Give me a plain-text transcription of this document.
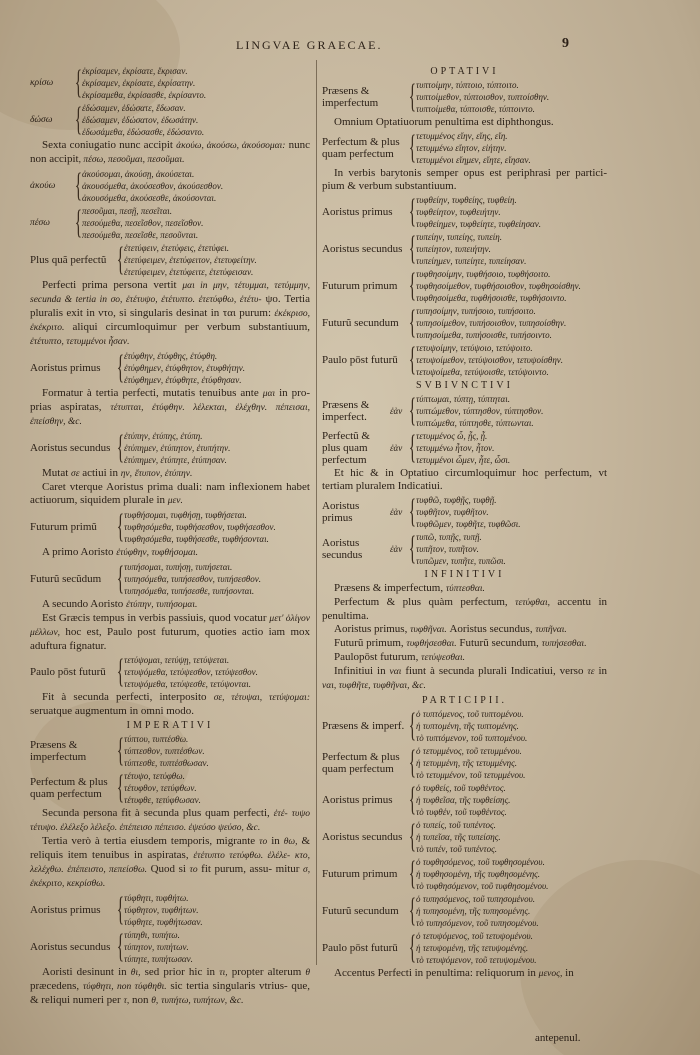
LINGVAE GRAECAE.	9
κρίσω { ἐκρίσαμεν, ἐκρίσατε, ἔκρισαν.
ἐκρίσαμεν, ἐκρίσατε, ἐκρίσατην.
ἐκρίσαμεθα, ἐκρίσασθε, ἐκρίσαντο.
δώσω { ἐδώσαμεν, ἐδώσατε, ἔδωσαν.
ἐδώσαμεν, ἐδώσατον, ἐδωσάτην.
ἐδωσάμεθα, ἐδώσασθε, ἐδώσαντο.
Sexta coniugatio nunc accipit ἀκούω, ἀκούσω, ἀκούσομαι: nunc non accipit, πέσω, πεσοῦμαι, πεσοῦμαι.
ἀκούω { ἀκούσομαι, ἀκούσῃ, ἀκούσεται.
ἀκουσόμεθα, ἀκούσεσθον, ἀκούσεσθον.
ἀκουσόμεθα, ἀκούσεσθε, ἀκούσονται.
πέσω { πεσοῦμαι, πεσῇ, πεσεῖται.
πεσούμεθα, πεσεῖσθον, πεσεῖσθον.
πεσούμεθα, πεσεῖσθε, πεσοῦνται.
Plus quã perfectũ { ἐτετύφειν, ἐτετύφεις, ἐτετύφει.
ἐτετύφειμεν, ἐτετύφειτον, ἐτετυφείτην.
ἐτετύφειμεν, ἐτετύφειτε, ἐτετύφεισαν.
Perfecti prima persona vertit μαι in μην, τέτυμμαι, τετύμμην, secunda & tertia in σο, ἐτέτυψο, ἐτέτυπτο. ἐτετύφθω, ἐτέτυ- ψο. Tertia pluralis exit in ντο, si singularis desinat in ται purum: ἐκέκρισο, ἐκέκριτο. aliqui circumloquimur per verbum substantiuum, ἐτέτυπτο, τετυμμένοι ἦσαν.
Aoristus primus { ἐτύφθην, ἐτύφθης, ἐτύφθη.
ἐτύφθημεν, ἐτύφθητον, ἐτυφθήτην.
ἐτύφθημεν, ἐτύφθητε, ἐτύφθησαν.
Formatur à tertia perfecti, mutatis tenuibus ante μαι in pro- prias aspiratas, τέτυπται, ἐτύφθην. λέλεκται, ἐλέχθην. πέπεισαι, ἐπείσθην, &c.
Aoristus secundus { ἐτύπην, ἐτύπης, ἐτύπη.
ἐτύπημεν, ἐτύπητον, ἐτυπήτην.
ἐτύπημεν, ἐτύπητε, ἐτύπησαν.
Mutat σε actiui in ην, ἔτυπον, ἐτύπην.
Caret vterque Aoristus prima duali: nam inflexionem habet actiuorum, siquidem plurale in μεν.
Futurum primũ { τυφθήσομαι, τυφθήσῃ, τυφθήσεται.
τυφθησόμεθα, τυφθήσεσθον, τυφθήσεσθον.
τυφθησόμεθα, τυφθήσεσθε, τυφθήσονται.
A primo Aoristo ἐτύφθην, τυφθήσομαι.
Futurũ secũdum { τυπήσομαι, τυπήσῃ, τυπήσεται.
τυπησόμεθα, τυπήσεσθον, τυπήσεσθον.
τυπησόμεθα, τυπήσεσθε, τυπήσονται.
A secundo Aoristo ἐτύπην, τυπήσομαι.
Est Græcis tempus in verbis passiuis, quod vocatur μετ' ὀλίγον μέλλων, hoc est, Paulo post futurum, quoties actio iam mox aduftura fignatur.
Paulo pōst futurū { τετύψομαι, τετύψῃ, τετύψεται.
τετυψόμεθα, τετύψεσθον, τετύψεσθον.
τετυψόμεθα, τετύψεσθε, τετύψονται.
Fit à secunda perfecti, interposito σε, τέτυψαι, τετύψομαι: seruatque augmentum in omni modo.
IMPERATIVI
Præsens & imperfectum { τύπτου, τυπτέσθω.
τύπτεσθον, τυπτέσθων.
τύπτεσθε, τυπτέσθωσαν.
Perfectum & plus quam perfectum { τέτυψο, τετύφθω.
τέτυφθον, τετύφθων.
τέτυφθε, τετύφθωσαν.
Secunda persona fit à secunda plus quam perfecti, ἐτέ- τυψο τέτυψο. ἐλέλεξο λέλεξο. ἐπέπεισο πέπεισο. ἐψεύσο ψεύσο, &c.
Tertia verò à tertia eiusdem temporis, migrante το in θω, & reliquis item tenuibus in aspiratas, ἐτέτυπτο τετύφθω. ἐλέλε- κτο, λελέχθω. ἐπέπειστο, πεπείσθω. Quod si το fit purum, assu- mitur σ, ἐκέκριτο, κεκρίσθω.
Aoristus primus { τύφθητι, τυφθήτω.
τύφθητον, τυφθήτων.
τύφθητε, τυφθήτωσαν.
Aoristus secundus { τύπηθι, τυπήτω.
τύπητον, τυπήτων.
τύπητε, τυπήτωσαν.
Aoristi desinunt in θι, sed prior hic in τι, propter alterum θ præcedens, τύφθητι, non τύφθηθι. sic tertia singularis vtrius- que, & reliqui numeri per τ, non θ, τυπήτω, τυπήτων, &c.
OPTATIVI
Præsens & imperfectum { τυπτοίμην, τύπτοιο, τύπτοιτο.
τυπτοίμεθον, τύπτοισθον, τυπτοίσθην.
τυπτοίμεθα, τύπτοισθε, τύπτοιντο.
Omnium Optatiuorum penultima est diphthongus.
Perfectum & plus quam perfectum { τετυμμένος εἴην, εἴης, εἴη.
τετυμμένω εἴητον, εἰήτην.
τετυμμένοι εἴημεν, εἴητε, εἴησαν.
In verbis barytonis semper opus est periphrasi per partici- pium & verbum substantiuum.
Aoristus primus { τυφθείην, τυφθείης, τυφθείη.
τυφθείητον, τυφθειήτην.
τυφθείημεν, τυφθείητε, τυφθείησαν.
Aoristus secundus { τυπείην, τυπείης, τυπείη.
τυπείητον, τυπειήτην.
τυπείημεν, τυπείητε, τυπείησαν.
Futurum primum { τυφθησοίμην, τυφθήσοιο, τυφθήσοιτο.
τυφθησοίμεθον, τυφθήσοισθον, τυφθησοίσθην.
τυφθησοίμεθα, τυφθήσοισθε, τυφθήσοιντο.
Futurũ secundum { τυπησοίμην, τυπήσοιο, τυπήσοιτο.
τυπησοίμεθον, τυπήσοισθον, τυπησοίσθην.
τυπησοίμεθα, τυπήσοισθε, τυπήσοιντο.
Paulo pōst futurū { τετυψοίμην, τετύψοιο, τετύψοιτο.
τετυψοίμεθον, τετύψοισθον, τετυψοίσθην.
τετυψοίμεθα, τετύψοισθε, τετύψοιντο.
SVBIVNCTIVI
Præsens & imperfect.	ἐὰν { τύπτωμαι, τύπτῃ, τύπτηται.
τυπτώμεθον, τύπτησθον, τύπτησθον.
τυπτώμεθα, τύπτησθε, τύπτωνται.
Perfectũ & plus quam perfectum
ἐὰν { τετυμμένος ὦ, ᾖς, ᾖ.
τετυμμένω ἦτον, ἦτον.
τετυμμένοι ὦμεν, ἦτε, ὦσι.
Et hic & in Optatiuo circumloquimur hoc perfectum, vt tertiam pluralem Indicatiui.
Aoristus primus	ἐὰν { τυφθῶ, τυφθῇς, τυφθῇ.
τυφθῆτον, τυφθῆτον.
τυφθῶμεν, τυφθῆτε, τυφθῶσι.
Aoristus secundus	ἐὰν { τυπῶ, τυπῇς, τυπῇ.
τυπῆτον, τυπῆτον.
τυπῶμεν, τυπῆτε, τυπῶσι.
INFINITIVI
Præsens & imperfectum, τύπτεσθαι.
Perfectum & plus quàm perfectum, τετύφθαι, accentu in penultima.
Aoristus primus, τυφθῆναι. Aoristus secundus, τυπῆναι.
Futurũ primum, τυφθήσεσθαι. Futurũ secundum, τυπήσεσθαι.
Paulopōst futurum, τετύψεσθαι.
Infinitiui in ναι fiunt à secunda plurali Indicatiui, verso τε in ναι, τυφθῆτε, τυφθῆναι, &c.
PARTICIPII.
Præsens & imperf. { ὁ τυπτόμενος, τοῦ τυπτομένου.
ἡ τυπτομένη, τῆς τυπτομένης.
τὸ τυπτόμενον, τοῦ τυπτομένου.
Perfectum & plus quam perfectum { ὁ τετυμμένος, τοῦ τετυμμένου.
ἡ τετυμμένη, τῆς τετυμμένης.
τὸ τετυμμένον, τοῦ τετυμμένου.
Aoristus primus { ὁ τυφθείς, τοῦ τυφθέντος.
ἡ τυφθεῖσα, τῆς τυφθείσης.
τὸ τυφθέν, τοῦ τυφθέντος.
Aoristus secundus { ὁ τυπείς, τοῦ τυπέντος.
ἡ τυπεῖσα, τῆς τυπείσης.
τὸ τυπέν, τοῦ τυπέντος.
Futurum primum { ὁ τυφθησόμενος, τοῦ τυφθησομένου.
ἡ τυφθησομένη, τῆς τυφθησομένης.
τὸ τυφθησόμενον, τοῦ τυφθησομένου.
Futurũ secundum { ὁ τυπησόμενος, τοῦ τυπησομένου.
ἡ τυπησομένη, τῆς τυπησομένης.
τὸ τυπησόμενον, τοῦ τυπησομένου.
Paulo pōst futurū { ὁ τετυψόμενος, τοῦ τετυψομένου.
ἡ τετυψομένη, τῆς τετυψομένης.
τὸ τετυψόμενον, τοῦ τετυψομένου.
Accentus Perfecti in penultima: reliquorum in μενος, in
antepenul.
